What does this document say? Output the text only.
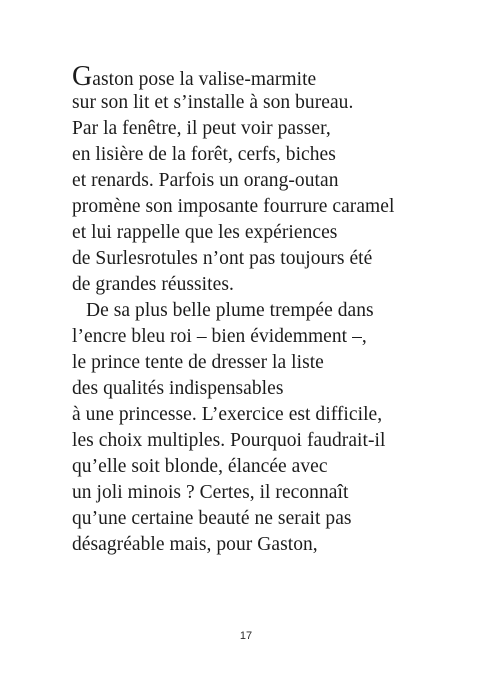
Gaston pose la valise-marmite
sur son lit et s’installe à son bureau.
Par la fenêtre, il peut voir passer,
en lisière de la forêt, cerfs, biches
et renards. Parfois un orang-outan
promène son imposante fourrure caramel
et lui rappelle que les expériences
de Surlesrotules n’ont pas toujours été
de grandes réussites.
De sa plus belle plume trempée dans
l’encre bleu roi – bien évidemment –,
le prince tente de dresser la liste
des qualités indispensables
à une princesse. L’exercice est difficile,
les choix multiples. Pourquoi faudrait-il
qu’elle soit blonde, élancée avec
un joli minois ? Certes, il reconnaît
qu’une certaine beauté ne serait pas
désagréable mais, pour Gaston,
17
